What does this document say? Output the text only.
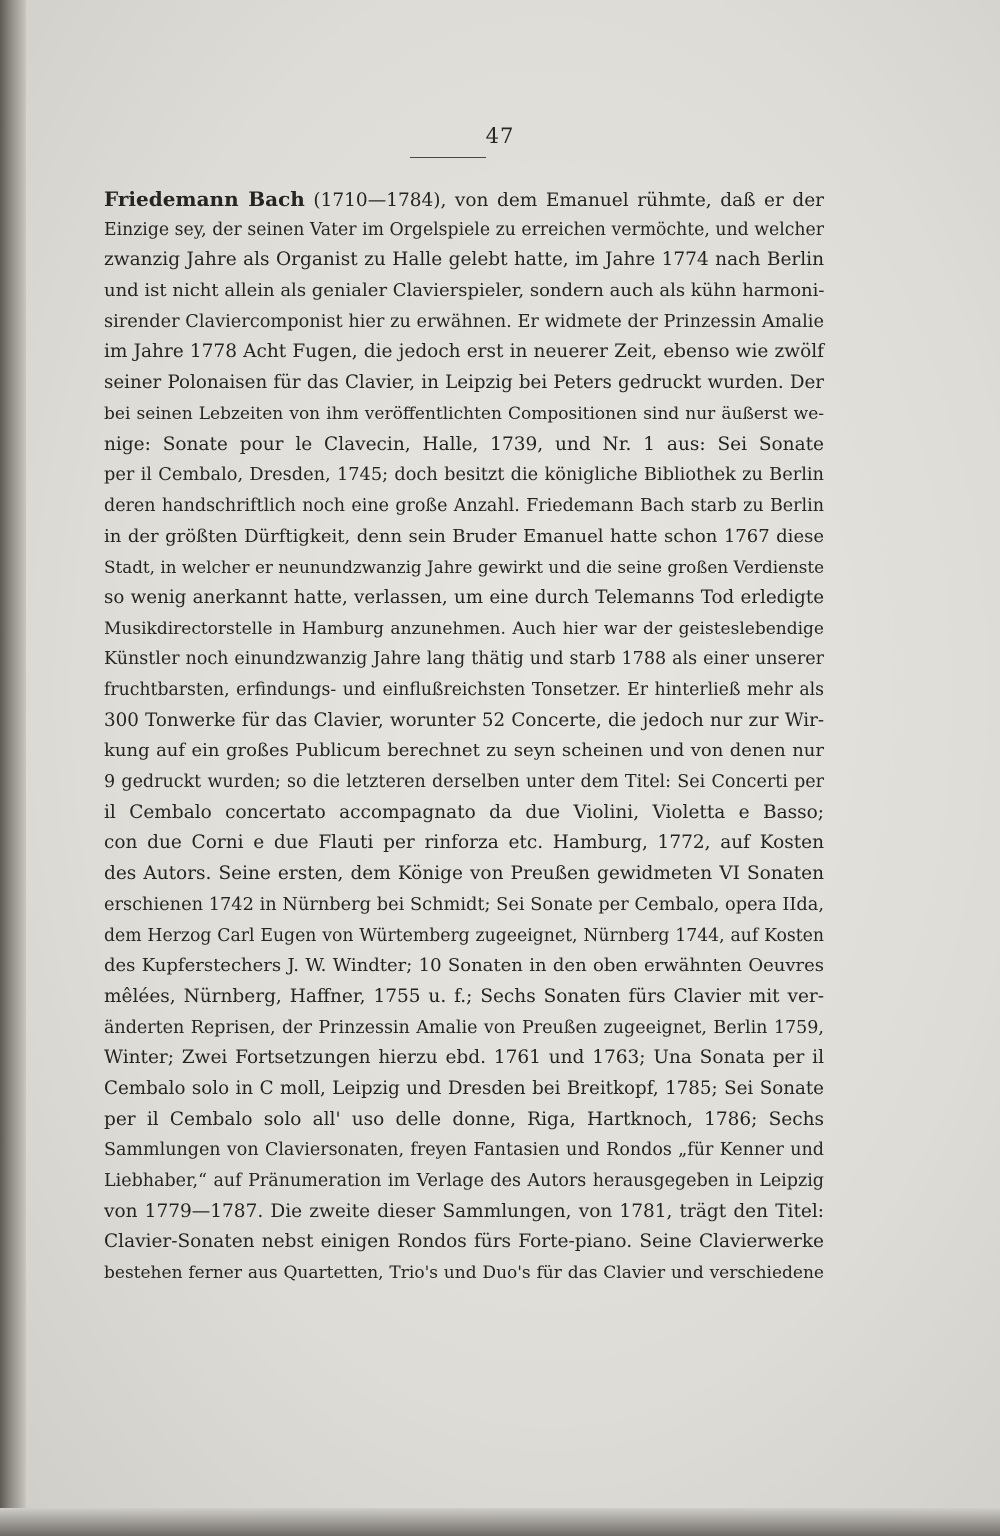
47
Friedemann Bach (1710—1784), von dem Emanuel rühmte, daß er der
Einzige sey, der seinen Vater im Orgelspiele zu erreichen vermöchte, und welcher
zwanzig Jahre als Organist zu Halle gelebt hatte, im Jahre 1774 nach Berlin
und ist nicht allein als genialer Clavierspieler, sondern auch als kühn harmoni-
sirender Claviercomponist hier zu erwähnen. Er widmete der Prinzessin Amalie
im Jahre 1778 Acht Fugen, die jedoch erst in neuerer Zeit, ebenso wie zwölf
seiner Polonaisen für das Clavier, in Leipzig bei Peters gedruckt wurden. Der
bei seinen Lebzeiten von ihm veröffentlichten Compositionen sind nur äußerst we-
nige: Sonate pour le Clavecin, Halle, 1739, und Nr. 1 aus: Sei Sonate
per il Cembalo, Dresden, 1745; doch besitzt die königliche Bibliothek zu Berlin
deren handschriftlich noch eine große Anzahl. Friedemann Bach starb zu Berlin
in der größten Dürftigkeit, denn sein Bruder Emanuel hatte schon 1767 diese
Stadt, in welcher er neunundzwanzig Jahre gewirkt und die seine großen Verdienste
so wenig anerkannt hatte, verlassen, um eine durch Telemanns Tod erledigte
Musikdirectorstelle in Hamburg anzunehmen. Auch hier war der geisteslebendige
Künstler noch einundzwanzig Jahre lang thätig und starb 1788 als einer unserer
fruchtbarsten, erfindungs- und einflußreichsten Tonsetzer. Er hinterließ mehr als
300 Tonwerke für das Clavier, worunter 52 Concerte, die jedoch nur zur Wir-
kung auf ein großes Publicum berechnet zu seyn scheinen und von denen nur
9 gedruckt wurden; so die letzteren derselben unter dem Titel: Sei Concerti per
il Cembalo concertato accompagnato da due Violini, Violetta e Basso;
con due Corni e due Flauti per rinforza etc. Hamburg, 1772, auf Kosten
des Autors. Seine ersten, dem Könige von Preußen gewidmeten VI Sonaten
erschienen 1742 in Nürnberg bei Schmidt; Sei Sonate per Cembalo, opera IIda,
dem Herzog Carl Eugen von Würtemberg zugeeignet, Nürnberg 1744, auf Kosten
des Kupferstechers J. W. Windter; 10 Sonaten in den oben erwähnten Oeuvres
mêlées, Nürnberg, Haffner, 1755 u. f.; Sechs Sonaten fürs Clavier mit ver-
änderten Reprisen, der Prinzessin Amalie von Preußen zugeeignet, Berlin 1759,
Winter; Zwei Fortsetzungen hierzu ebd. 1761 und 1763; Una Sonata per il
Cembalo solo in C moll, Leipzig und Dresden bei Breitkopf, 1785; Sei Sonate
per il Cembalo solo all' uso delle donne, Riga, Hartknoch, 1786; Sechs
Sammlungen von Claviersonaten, freyen Fantasien und Rondos „für Kenner und
Liebhaber,“ auf Pränumeration im Verlage des Autors herausgegeben in Leipzig
von 1779—1787. Die zweite dieser Sammlungen, von 1781, trägt den Titel:
Clavier-Sonaten nebst einigen Rondos fürs Forte-piano. Seine Clavierwerke
bestehen ferner aus Quartetten, Trio's und Duo's für das Clavier und verschiedene
